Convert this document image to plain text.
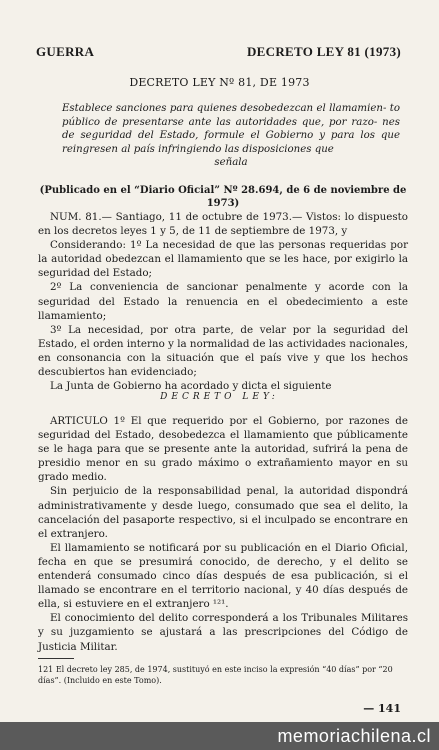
GUERRA	DECRETO LEY 81 (1973)
DECRETO LEY Nº 81, DE 1973
Establece sanciones para quienes desobedezcan el llamamien- to público de presentarse ante las autoridades que, por razo- nes de seguridad del Estado, formule el Gobierno y para los que reingresen al país infringiendo las disposiciones que
señala
(Publicado en el “Diario Oficial” Nº 28.694, de 6 de noviembre de 1973)

NUM. 81.— Santiago, 11 de octubre de 1973.— Vistos: lo dispuesto en los decretos leyes 1 y 5, de 11 de septiembre de 1973, y

Considerando: 1º La necesidad de que las personas requeridas por la autoridad obedezcan el llamamiento que se les hace, por exigirlo la seguridad del Estado;

2º La conveniencia de sancionar penalmente y acorde con la seguridad del Estado la renuencia en el obedecimiento a este llamamiento;

3º La necesidad, por otra parte, de velar por la seguridad del Estado, el orden interno y la normalidad de las actividades nacionales, en consonancia con la situación que el país vive y que los hechos descubiertos han evidenciado;

La Junta de Gobierno ha acordado y dicta el siguiente

DECRETO LEY:

ARTICULO 1º El que requerido por el Gobierno, por razones de seguridad del Estado, desobedezca el llamamiento que públicamente se le haga para que se presente ante la autoridad, sufrirá la pena de presidio menor en su grado máximo o extrañamiento mayor en su grado medio.

Sin perjuicio de la responsabilidad penal, la autoridad dispondrá administrativamente y desde luego, consumado que sea el delito, la cancelación del pasaporte respectivo, si el inculpado se encontrare en el extranjero.

El llamamiento se notificará por su publicación en el Diario Oficial, fecha en que se presumirá conocido, de derecho, y el delito se entenderá consumado cinco días después de esa publicación, si el llamado se encontrare en el territorio nacional, y 40 días después de ella, si estuviere en el extranjero ¹²¹.

El conocimiento del delito corresponderá a los Tribunales Militares y su juzgamiento se ajustará a las prescripciones del Código de Justicia Militar.

121 El decreto ley 285, de 1974, sustituyó en este inciso la expresión “40 días” por “20 días”. (Incluido en este Tomo).
— 141
memoriachilena.cl
